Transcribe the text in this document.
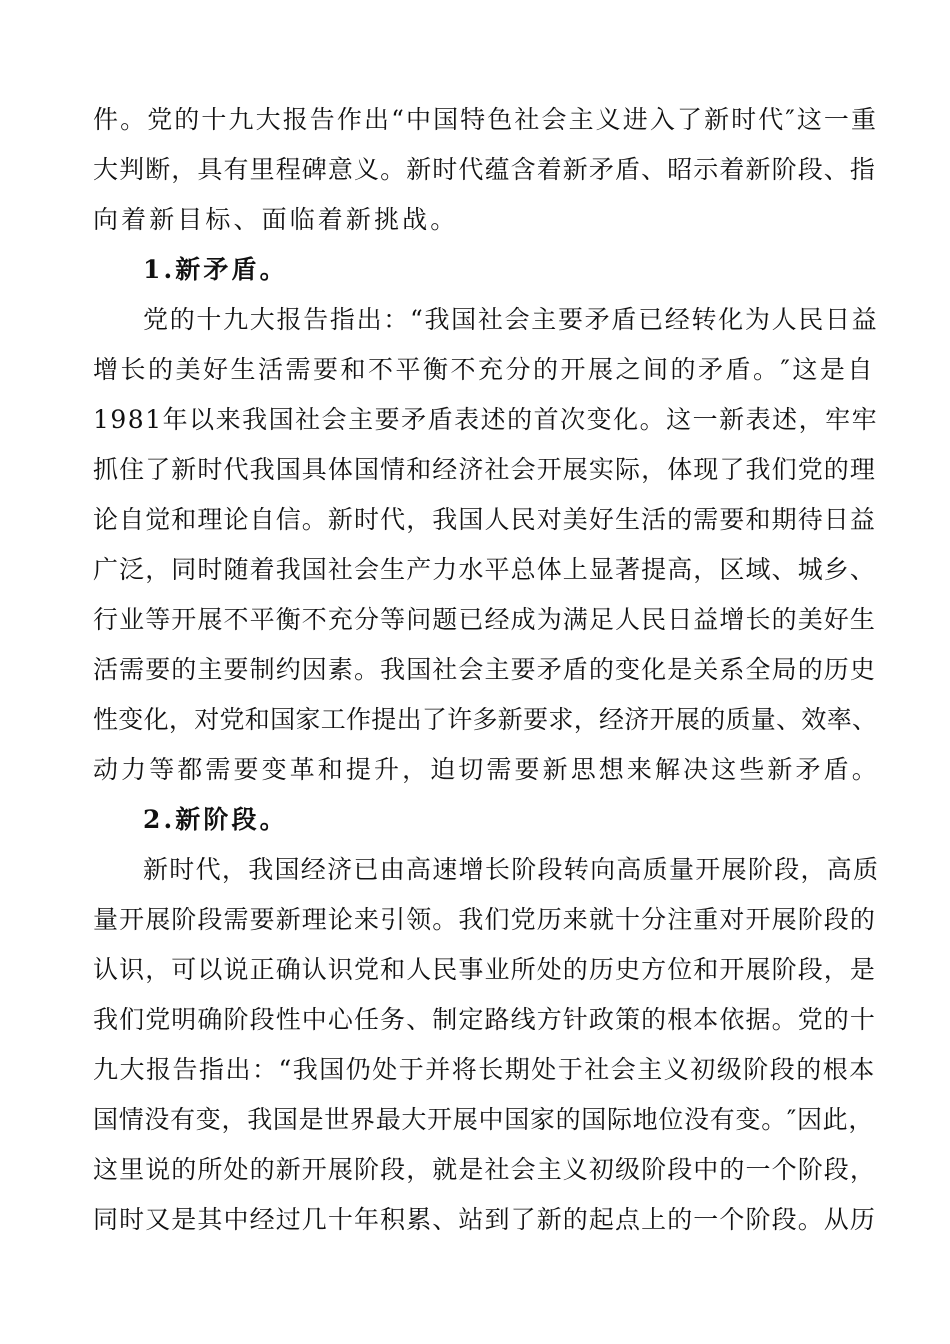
件。党的十九大报告作出“中国特色社会主义进入了新时代″这一重
大判断，具有里程碑意义。新时代蕴含着新矛盾、昭示着新阶段、指
向着新目标、面临着新挑战。
1.新矛盾。
党的十九大报告指出：“我国社会主要矛盾已经转化为人民日益
增长的美好生活需要和不平衡不充分的开展之间的矛盾。″这是自
1981年以来我国社会主要矛盾表述的首次变化。这一新表述，牢牢
抓住了新时代我国具体国情和经济社会开展实际，体现了我们党的理
论自觉和理论自信。新时代，我国人民对美好生活的需要和期待日益
广泛，同时随着我国社会生产力水平总体上显著提高，区域、城乡、
行业等开展不平衡不充分等问题已经成为满足人民日益增长的美好生
活需要的主要制约因素。我国社会主要矛盾的变化是关系全局的历史
性变化，对党和国家工作提出了许多新要求，经济开展的质量、效率、
动力等都需要变革和提升，迫切需要新思想来解决这些新矛盾。
2.新阶段。
新时代，我国经济已由高速增长阶段转向高质量开展阶段，高质
量开展阶段需要新理论来引领。我们党历来就十分注重对开展阶段的
认识，可以说正确认识党和人民事业所处的历史方位和开展阶段，是
我们党明确阶段性中心任务、制定路线方针政策的根本依据。党的十
九大报告指出：“我国仍处于并将长期处于社会主义初级阶段的根本
国情没有变，我国是世界最大开展中国家的国际地位没有变。″因此，
这里说的所处的新开展阶段，就是社会主义初级阶段中的一个阶段，
同时又是其中经过几十年积累、站到了新的起点上的一个阶段。从历
